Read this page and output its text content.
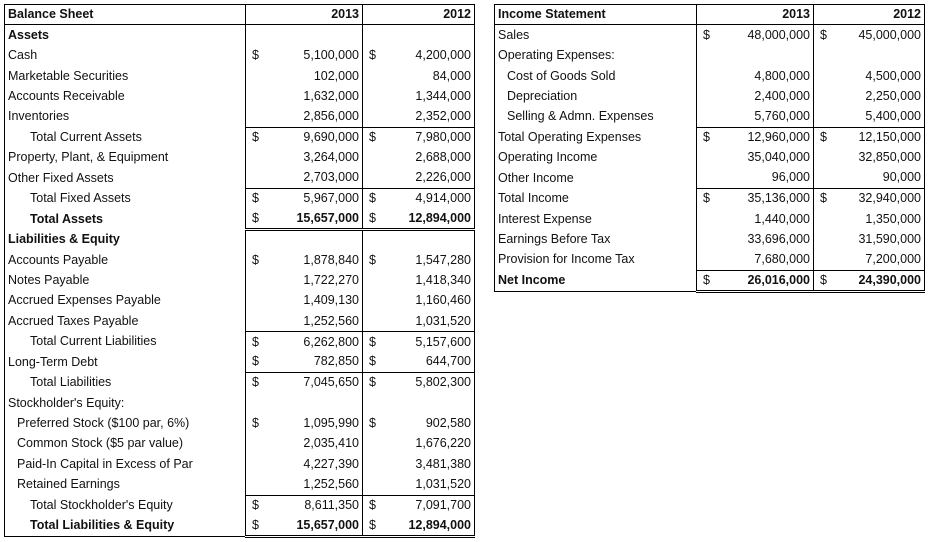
Balance Sheet		2013		2012
Assets				
Cash	$	5,100,000	$	4,200,000
Marketable Securities		102,000		84,000
Accounts Receivable		1,632,000		1,344,000
Inventories		2,856,000		2,352,000
Total Current Assets	$	9,690,000	$	7,980,000
Property, Plant, & Equipment		3,264,000		2,688,000
Other Fixed Assets		2,703,000		2,226,000
Total Fixed Assets	$	5,967,000	$	4,914,000
Total Assets	$	15,657,000	$	12,894,000
Liabilities & Equity				
Accounts Payable	$	1,878,840	$	1,547,280
Notes Payable		1,722,270		1,418,340
Accrued Expenses Payable		1,409,130		1,160,460
Accrued Taxes Payable		1,252,560		1,031,520
Total Current Liabilities	$	6,262,800	$	5,157,600
Long-Term Debt	$	782,850	$	644,700
Total Liabilities	$	7,045,650	$	5,802,300
Stockholder's Equity:				
Preferred Stock ($100 par, 6%)	$	1,095,990	$	902,580
Common Stock ($5 par value)		2,035,410		1,676,220
Paid-In Capital in Excess of Par		4,227,390		3,481,380
Retained Earnings		1,252,560		1,031,520
Total Stockholder's Equity	$	8,611,350	$	7,091,700
Total Liabilities & Equity	$	15,657,000	$	12,894,000
Income Statement		2013		2012
Sales	$	48,000,000	$	45,000,000
Operating Expenses:				
Cost of Goods Sold		4,800,000		4,500,000
Depreciation		2,400,000		2,250,000
Selling & Admn. Expenses		5,760,000		5,400,000
Total Operating Expenses	$	12,960,000	$	12,150,000
Operating Income		35,040,000		32,850,000
Other Income		96,000		90,000
Total Income	$	35,136,000	$	32,940,000
Interest Expense		1,440,000		1,350,000
Earnings Before Tax		33,696,000		31,590,000
Provision for Income Tax		7,680,000		7,200,000
Net Income	$	26,016,000	$	24,390,000
